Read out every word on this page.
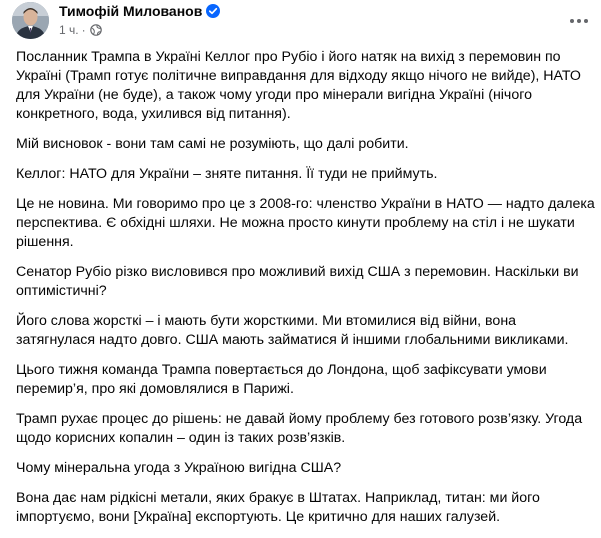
Тимофій Милованов
1 ч. ·

Посланник Трампа в Україні Келлог про Рубіо і його натяк на вихід з перемовин по Україні (Трамп готує політичне виправдання для відходу якщо нічого не вийде), НАТО для України (не буде), а також чому угоди про мінерали вигідна Україні (нічого конкретного, вода, ухилився від питання).

Мій висновок - вони там самі не розуміють, що далі робити.

Келлог: НАТО для України – зняте питання. Її туди не приймуть.

Це не новина. Ми говоримо про це з 2008-го: членство України в НАТО — надто далека перспектива. Є обхідні шляхи. Не можна просто кинути проблему на стіл і не шукати рішення.

Сенатор Рубіо різко висловився про можливий вихід США з перемовин. Наскільки ви оптимістичні?

Його слова жорсткі – і мають бути жорсткими. Ми втомилися від війни, вона затягнулася надто довго. США мають займатися й іншими глобальними викликами.

Цього тижня команда Трампа повертається до Лондона, щоб зафіксувати умови перемир’я, про які домовлялися в Парижі.

Трамп рухає процес до рішень: не давай йому проблему без готового розв’язку. Угода щодо корисних копалин – один із таких розв’язків.

Чому мінеральна угода з Україною вигідна США?

Вона дає нам рідкісні метали, яких бракує в Штатах. Наприклад, титан: ми його імпортуємо, вони [Україна] експортують. Це критично для наших галузей.
